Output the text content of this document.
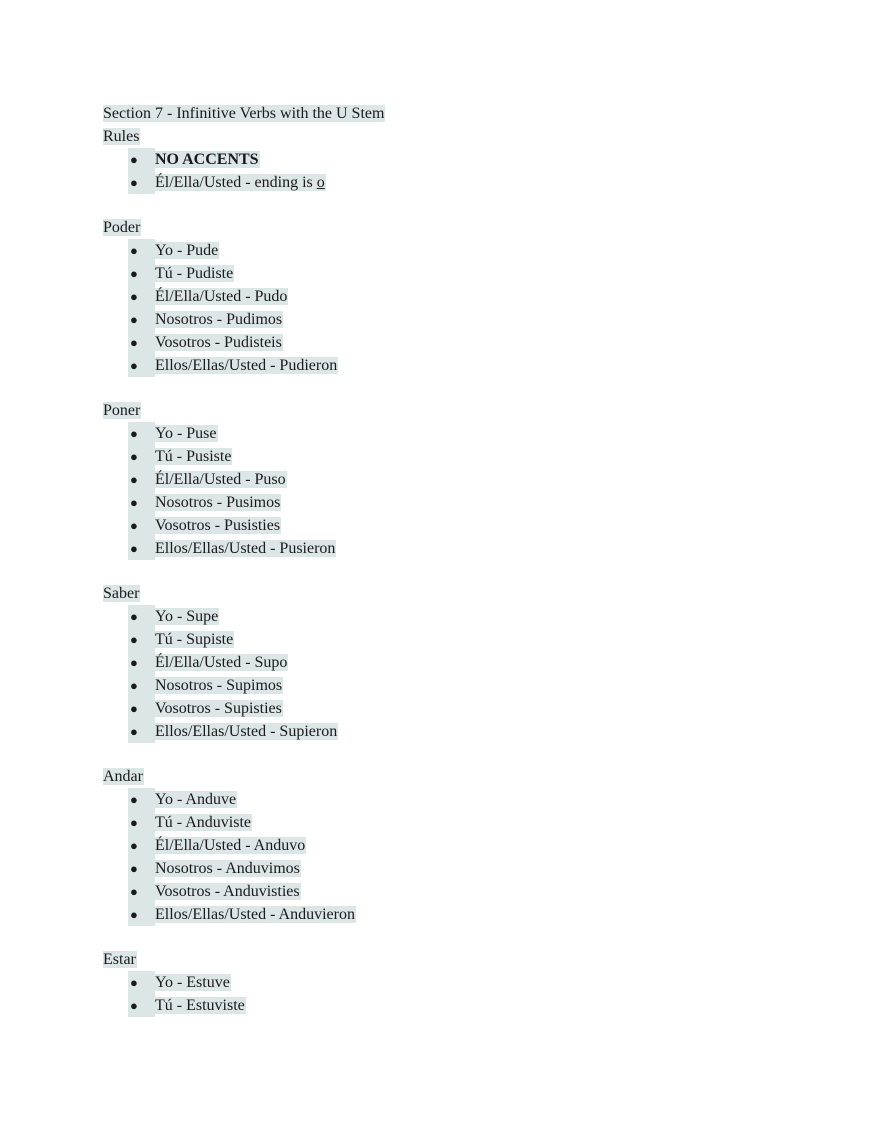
Section 7 - Infinitive Verbs with the U Stem
Rules
●	NO ACCENTS
●	Él/Ella/Usted - ending is o
Poder
●	Yo - Pude
●	Tú - Pudiste
●	Él/Ella/Usted - Pudo
●	Nosotros - Pudimos
●	Vosotros - Pudisteis
●	Ellos/Ellas/Usted - Pudieron
Poner
●	Yo - Puse
●	Tú - Pusiste
●	Él/Ella/Usted - Puso
●	Nosotros - Pusimos
●	Vosotros - Pusisties
●	Ellos/Ellas/Usted - Pusieron
Saber
●	Yo - Supe
●	Tú - Supiste
●	Él/Ella/Usted - Supo
●	Nosotros - Supimos
●	Vosotros - Supisties
●	Ellos/Ellas/Usted - Supieron
Andar
●	Yo - Anduve
●	Tú - Anduviste
●	Él/Ella/Usted - Anduvo
●	Nosotros - Anduvimos
●	Vosotros - Anduvisties
●	Ellos/Ellas/Usted - Anduvieron
Estar
●	Yo - Estuve
●	Tú - Estuviste
